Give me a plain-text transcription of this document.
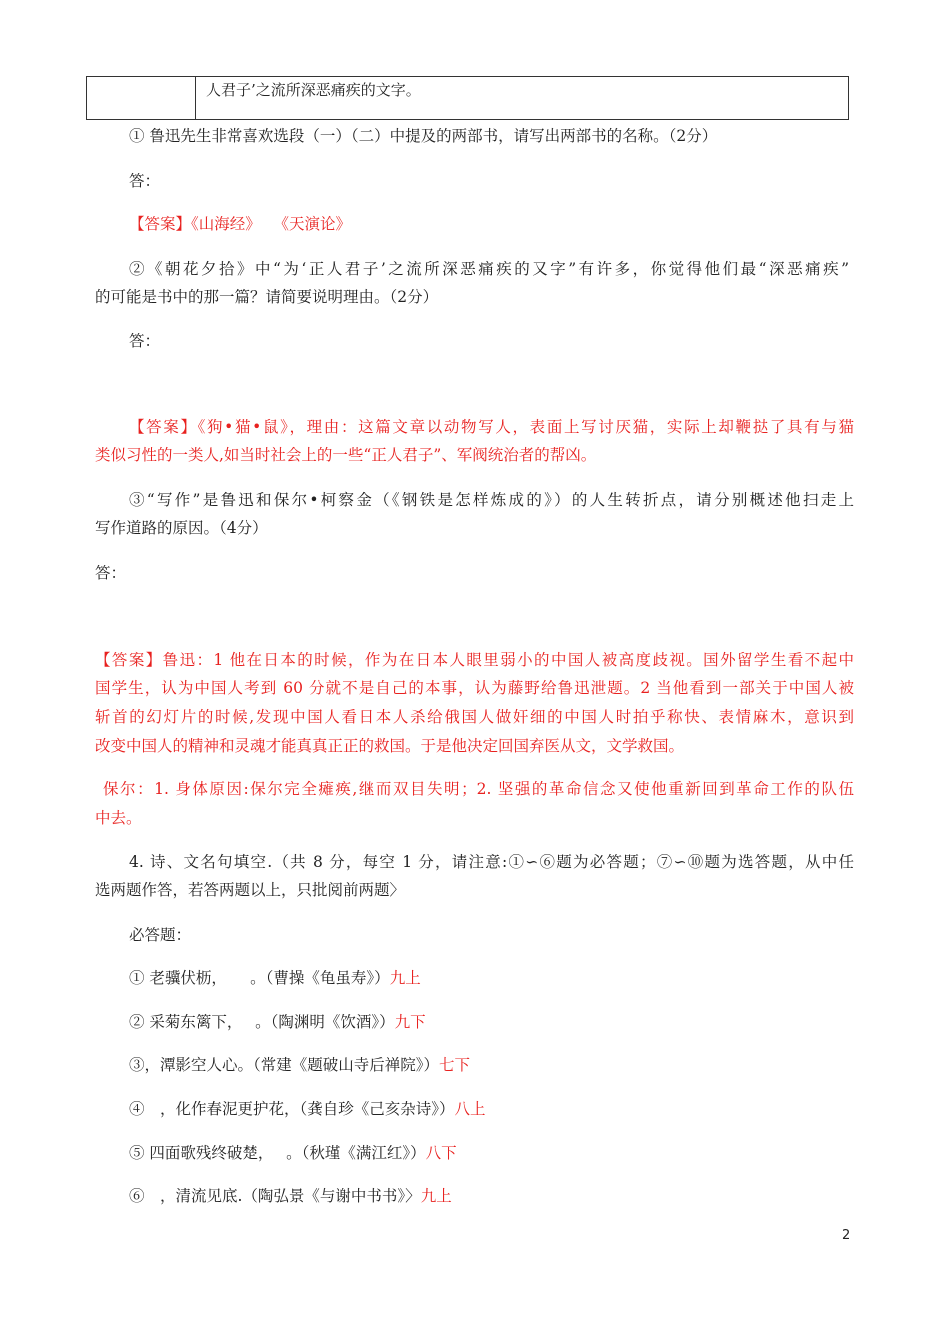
人君子’之流所深恶痛疾的文字。
① 鲁迅先生非常喜欢选段（一）（二）中提及的两部书，请写出两部书的名称。（2分）
答：
【答案】《山海经》　 《天演论》
②《朝花夕拾》中“为‘正人君子’之流所深恶痛疾的又字”有许多，你觉得他们最“深恶痛疾”
的可能是书中的那一篇？请简要说明理由。（2分）
答：
【答案】《狗•猫•鼠》，理由：这篇文章以动物写人，表面上写讨厌猫，实际上却鞭挞了具有与猫
类似习性的一类人,如当时社会上的一些“正人君子”、军阀统治者的帮凶。
③“写作”是鲁迅和保尔•柯察金（《钢铁是怎样炼成的》）的人生转折点，请分别概述他扫走上
写作道路的原因。（4分）
答：
【答案】鲁迅：1 他在日本的时候，作为在日本人眼里弱小的中国人被高度歧视。国外留学生看不起中
国学生，认为中国人考到 60 分就不是自己的本事，认为藤野给鲁迅泄题。2 当他看到一部关于中国人被
斩首的幻灯片的时候,发现中国人看日本人杀给俄国人做奸细的中国人时拍乎称快、表情麻木，意识到
改变中国人的精神和灵魂才能真真正正的救国。于是他决定回国弃医从文，文学救国。
保尔：1. 身体原因:保尔完全瘫痪,继而双目失明；2. 坚强的革命信念又使他重新回到革命工作的队伍
中去。
4. 诗、文名句填空.（共 8 分，每空 1 分，请注意:①∽⑥题为必答题；⑦∽⑩题为选答题，从中任
选两题作答，若答两题以上，只批阅前两题〉
必答题：
① 老骥伏枥，　　。（曹操《龟虽寿》）九上
② 采菊东篱下，　 。（陶渊明《饮酒》）九下
③，潭影空人心。（常建《题破山寺后禅院》）七下
④　，化作春泥更护花，（龚自珍《己亥杂诗》）八上
⑤ 四面歌残终破楚，　 。（秋瑾《满江红》）八下
⑥　，清流见底.（陶弘景《与谢中书书》〉九上
2
